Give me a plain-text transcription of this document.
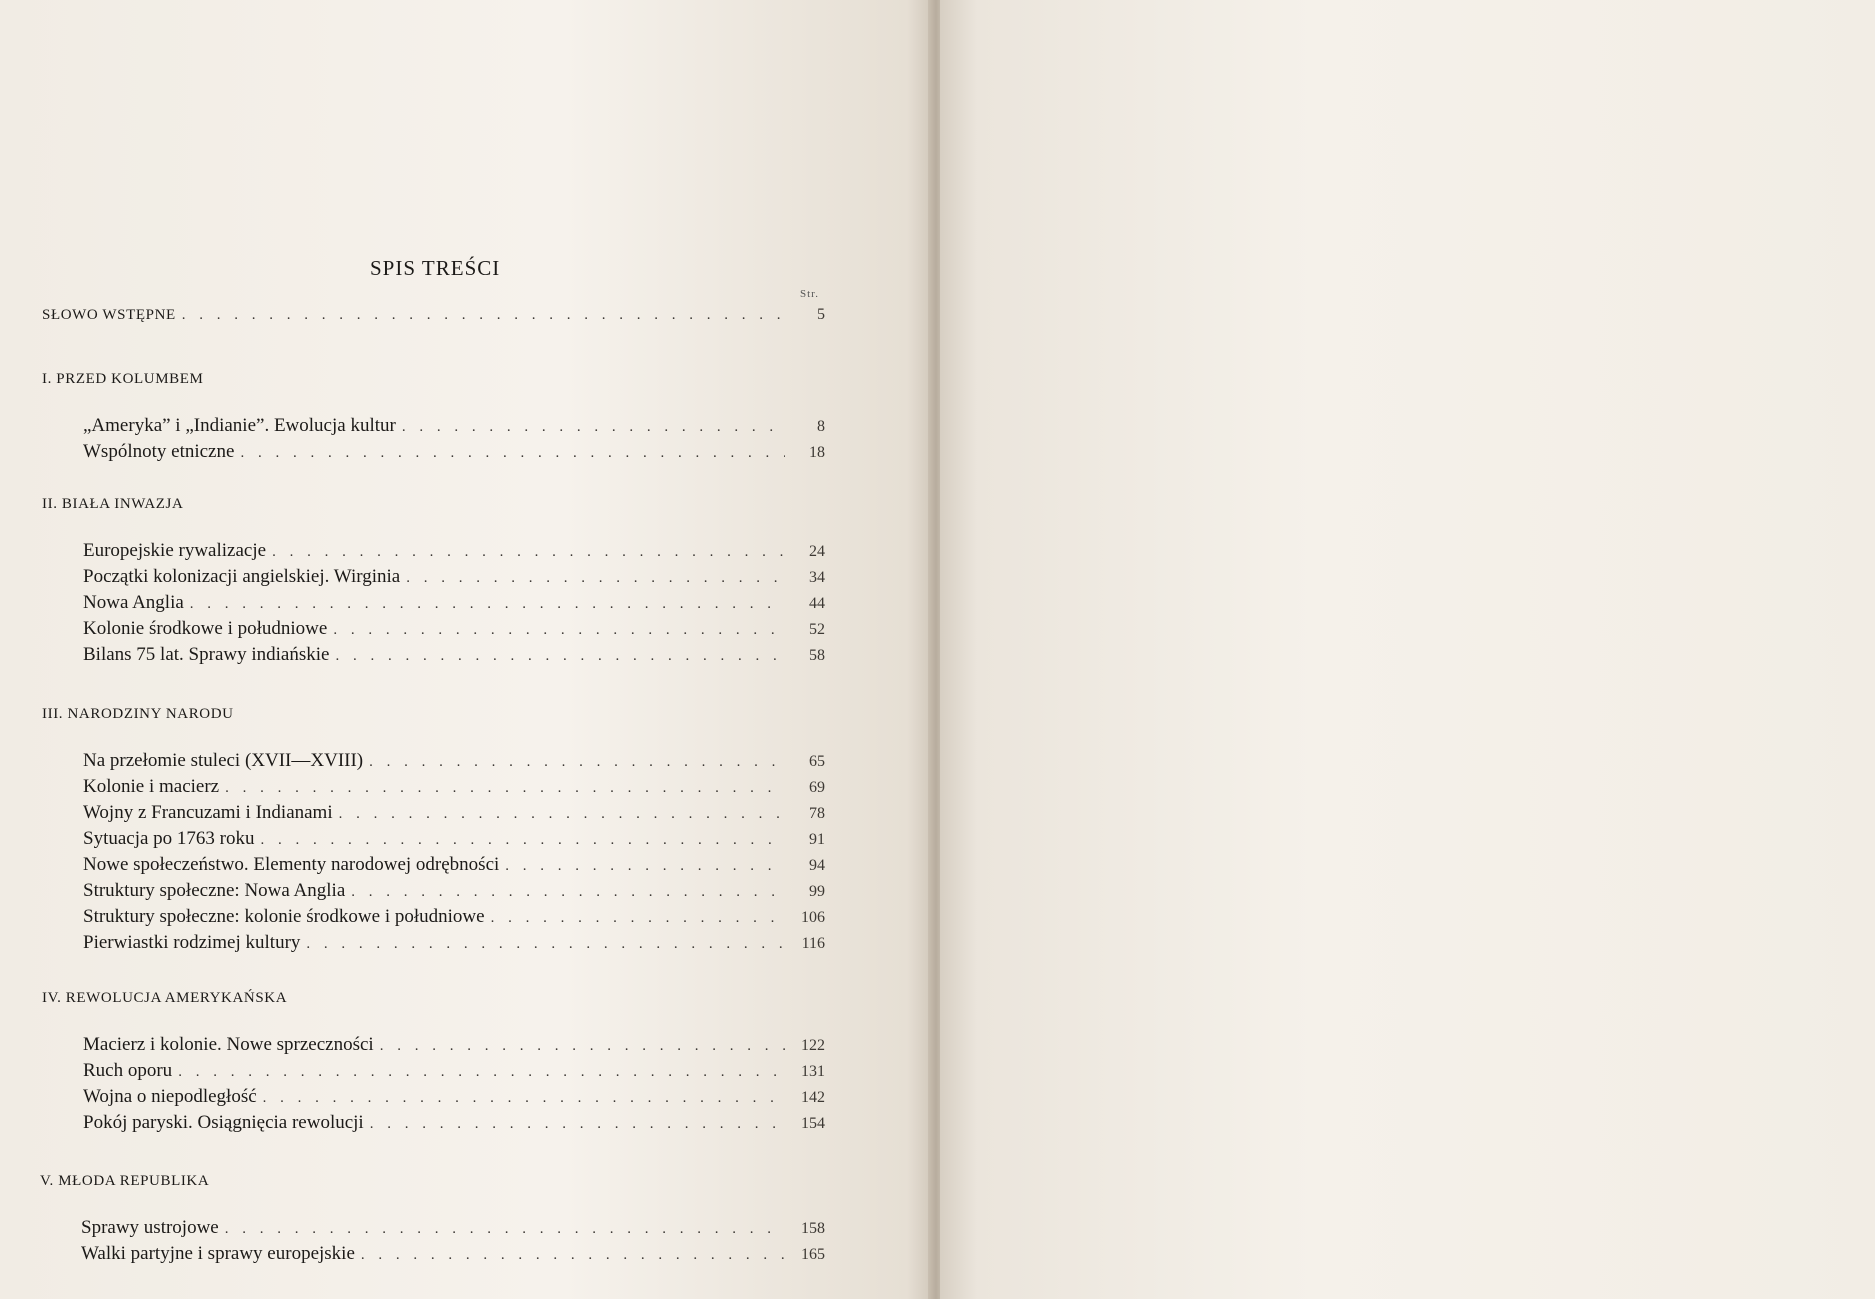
SPIS TREŚCI
Str.
SŁOWO WSTĘPNE . . .	5
I. PRZED KOLUMBEM
„Ameryka” i „Indianie”. Ewolucja kultur . . .	8
Wspólnoty etniczne . . .	18
II. BIAŁA INWAZJA
Europejskie rywalizacje . . .	24
Początki kolonizacji angielskiej. Wirginia . . .	34
Nowa Anglia . . .	44
Kolonie środkowe i południowe . . .	52
Bilans 75 lat. Sprawy indiańskie . . .	58
III. NARODZINY NARODU
Na przełomie stuleci (XVII—XVIII) . . .	65
Kolonie i macierz . . .	69
Wojny z Francuzami i Indianami . . .	78
Sytuacja po 1763 roku . . .	91
Nowe społeczeństwo. Elementy narodowej odrębności . . .	94
Struktury społeczne: Nowa Anglia . . .	99
Struktury społeczne: kolonie środkowe i południowe . . .	106
Pierwiastki rodzimej kultury . . .	116
IV. REWOLUCJA AMERYKAŃSKA
Macierz i kolonie. Nowe sprzeczności . . .	122
Ruch oporu . . .	131
Wojna o niepodległość . . .	142
Pokój paryski. Osiągnięcia rewolucji . . .	154
V. MŁODA REPUBLIKA
Sprawy ustrojowe . . .	158
Walki partyjne i sprawy europejskie . . .	165
